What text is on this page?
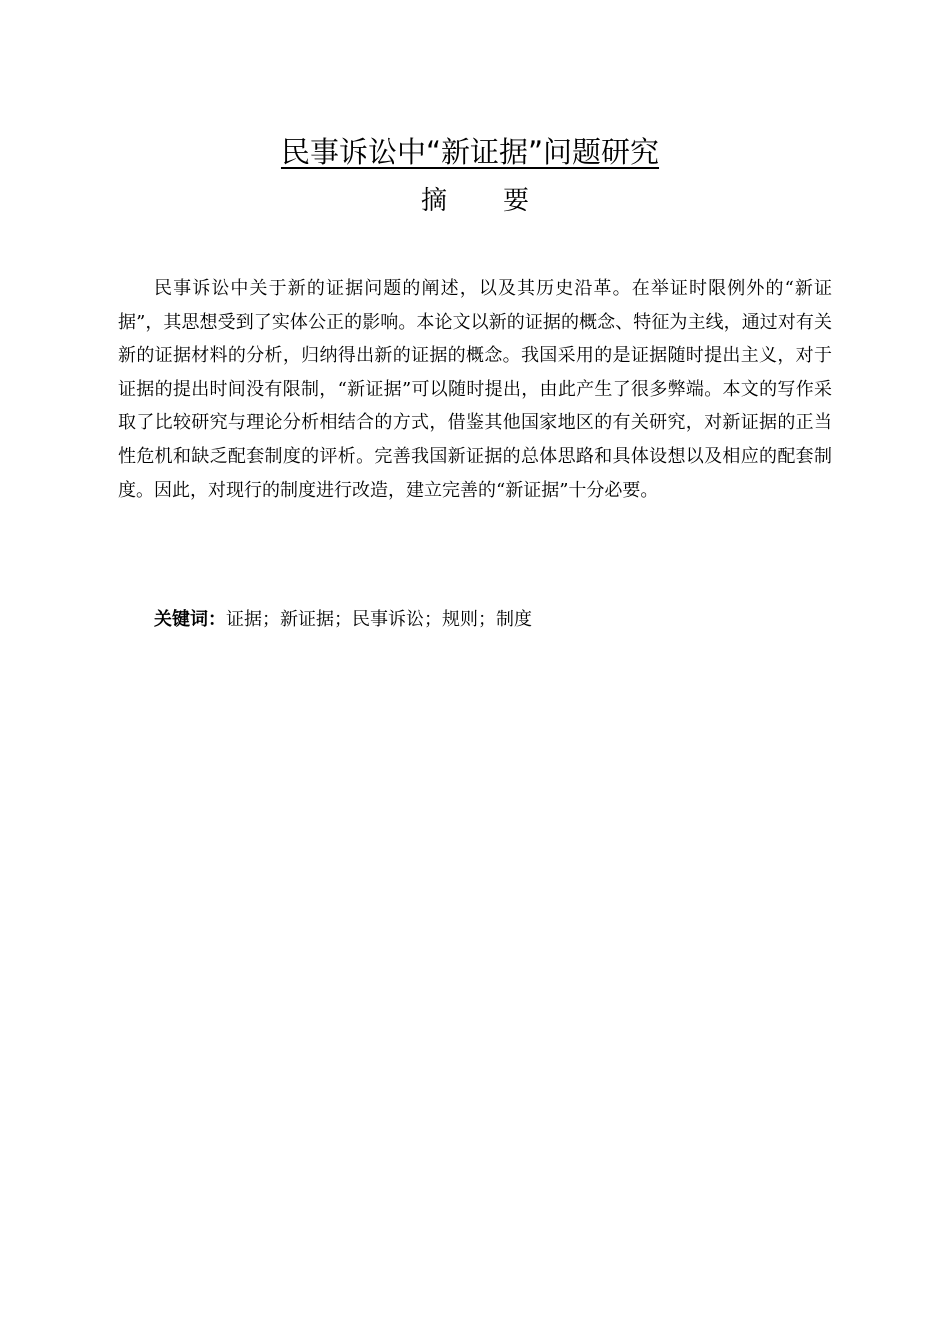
民事诉讼中“新证据”问题研究
摘要

民事诉讼中关于新的证据问题的阐述，以及其历史沿革。在举证时限例外的“新证据”，其思想受到了实体公正的影响。本论文以新的证据的概念、特征为主线，通过对有关新的证据材料的分析，归纳得出新的证据的概念。我国采用的是证据随时提出主义，对于证据的提出时间没有限制，“新证据”可以随时提出，由此产生了很多弊端。本文的写作采取了比较研究与理论分析相结合的方式，借鉴其他国家地区的有关研究，对新证据的正当性危机和缺乏配套制度的评析。完善我国新证据的总体思路和具体设想以及相应的配套制度。因此，对现行的制度进行改造，建立完善的“新证据”十分必要。

关键词：证据；新证据；民事诉讼；规则；制度
